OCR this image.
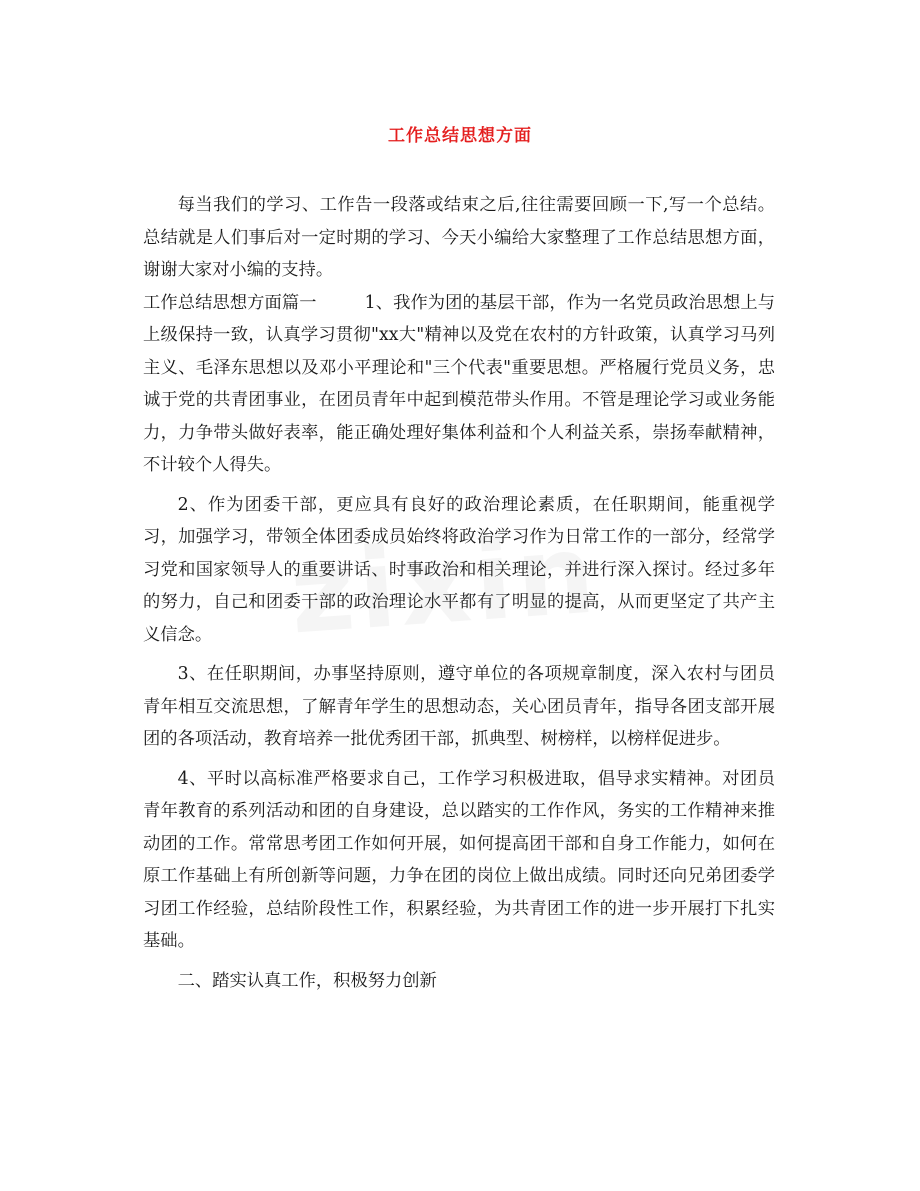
工作总结思想方面

每当我们的学习、工作告一段落或结束之后,往往需要回顾一下,写一个总结。总结就是人们事后对一定时期的学习、今天小编给大家整理了工作总结思想方面，谢谢大家对小编的支持。

工作总结思想方面篇一	1、我作为团的基层干部，作为一名党员政治思想上与上级保持一致，认真学习贯彻"xx大"精神以及党在农村的方针政策，认真学习马列主义、毛泽东思想以及邓小平理论和"三个代表"重要思想。严格履行党员义务，忠诚于党的共青团事业，在团员青年中起到模范带头作用。不管是理论学习或业务能力，力争带头做好表率，能正确处理好集体利益和个人利益关系，崇扬奉献精神，不计较个人得失。

2、作为团委干部，更应具有良好的政治理论素质，在任职期间，能重视学习，加强学习，带领全体团委成员始终将政治学习作为日常工作的一部分，经常学习党和国家领导人的重要讲话、时事政治和相关理论，并进行深入探讨。经过多年的努力，自己和团委干部的政治理论水平都有了明显的提高，从而更坚定了共产主义信念。

3、在任职期间，办事坚持原则，遵守单位的各项规章制度，深入农村与团员青年相互交流思想，了解青年学生的思想动态，关心团员青年，指导各团支部开展团的各项活动，教育培养一批优秀团干部，抓典型、树榜样，以榜样促进步。

4、平时以高标准严格要求自己，工作学习积极进取，倡导求实精神。对团员青年教育的系列活动和团的自身建设，总以踏实的工作作风，务实的工作精神来推动团的工作。常常思考团工作如何开展，如何提高团干部和自身工作能力，如何在原工作基础上有所创新等问题，力争在团的岗位上做出成绩。同时还向兄弟团委学习团工作经验，总结阶段性工作，积累经验，为共青团工作的进一步开展打下扎实基础。

二、踏实认真工作，积极努力创新
